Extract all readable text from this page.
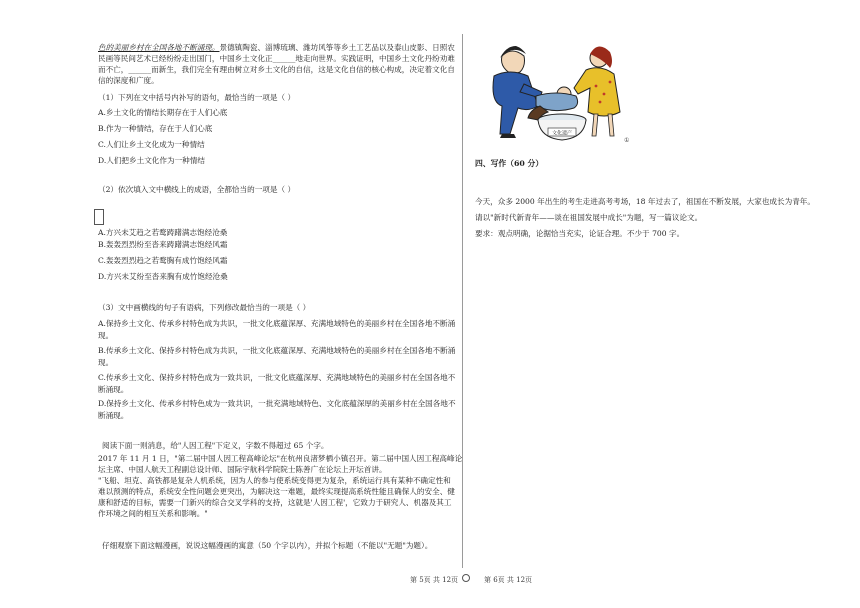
色的美丽乡村在全国各地不断涌现。景德镇陶瓷、淄博琉璃、潍坊风筝等乡土工艺品以及泰山皮影、日照农
民画等民间艺术已经纷纷走出国门，中国乡土文化正______地走向世界。实践证明，中国乡土文化丹纷劝难
而不亡，______而新生，我们完全有理由树立对乡土文化的自信，这是文化自信的核心构成，决定着文化自
信的深度和广度。
（1）下列在文中括号内补写的语句，最恰当的一项是（ ）
A.乡土文化的情结长期存在于人们心底
B.作为一种情结，存在于人们心底
C.人们让乡土文化成为一种情结
D.人们把乡土文化作为一种情结
（2）依次填入文中横线上的成语，全都恰当的一项是（ ）
A.方兴未艾趋之若鹜踌躇满志饱经沧桑
B.轰轰烈烈纷至沓来踌躇满志饱经风霜
C.轰轰烈烈趋之若鹜胸有成竹饱经风霜
D.方兴未艾纷至沓来胸有成竹饱经沧桑
（3）文中画横线的句子有语病，下列修改最恰当的一项是（ ）
A.保持乡土文化、传承乡村特色成为共识，一批文化底蕴深厚、充满地域特色的美丽乡村在全国各地不断涌
现。
B.传承乡土文化、保持乡村特色成为共识，一批文化底蕴深厚、充满地域特色的美丽乡村在全国各地不断涌
现。
C.传承乡土文化、保持乡村特色成为一致共识，一批文化底蕴深厚、充满地域特色的美丽乡村在全国各地不
断涌现。
D.保持乡土文化、传承乡村特色成为一致共识，一批充满地域特色、文化底蕴深厚的美丽乡村在全国各地不
断涌现。
阅读下面一则消息，给"人因工程"下定义，字数不得超过 65 个字。
2017 年 11 月 1 日，"第二届中国人因工程高峰论坛"在杭州良渚梦栖小镇召开。第二届中国人因工程高峰论
坛主席、中国人航天工程副总设计师、国际宇航科学院院士陈善广在论坛上开坛首讲。
"飞船、坦克、高铁都是复杂人机系统，因为人的参与使系统变得更为复杂，系统运行具有某种不确定性和
难以预测的特点，系统安全性问题会更突出，为解决这一难题，最终实现提高系统性能且确保人的安全、健
康和舒适的目标，需要一门新兴的综合交叉学科的支持，这就是'人因工程'，它致力于研究人、机器及其工
作环境之间的相互关系和影响。"
仔细观察下面这幅漫画，说说这幅漫画的寓意（50 个字以内），并拟个标题（不能以"无题"为题）。
第 5页 共 12页
四、写作（60 分）
今天，众多 2000 年出生的考生走进高考考场，18 年过去了，祖国在不断发展，大家也成长为青年。
请以"新时代新青年——谈在祖国发展中成长"为题，写一篇议论文。
要求：观点明确，论据恰当充实，论证合理。不少于 700 字。
第 6页 共 12页
文化遗产
①
